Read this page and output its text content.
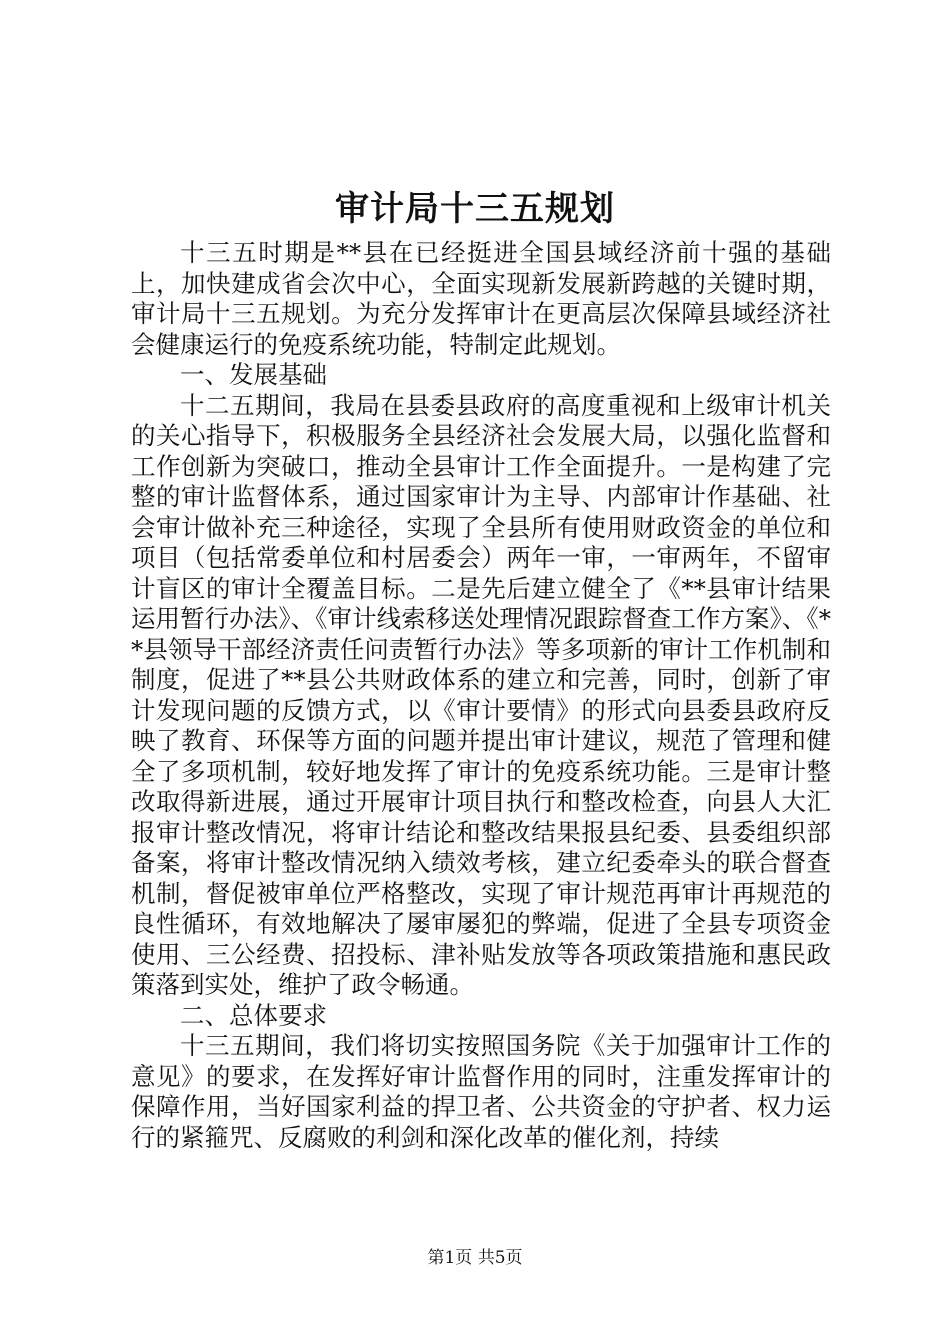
审计局十三五规划

十三五时期是**县在已经挺进全国县域经济前十强的基础上，加快建成省会次中心，全面实现新发展新跨越的关键时期，审计局十三五规划。为充分发挥审计在更高层次保障县域经济社会健康运行的免疫系统功能，特制定此规划。

一、发展基础

十二五期间，我局在县委县政府的高度重视和上级审计机关的关心指导下，积极服务全县经济社会发展大局，以强化监督和工作创新为突破口，推动全县审计工作全面提升。一是构建了完整的审计监督体系，通过国家审计为主导、内部审计作基础、社会审计做补充三种途径，实现了全县所有使用财政资金的单位和项目（包括常委单位和村居委会）两年一审，一审两年，不留审计盲区的审计全覆盖目标。二是先后建立健全了《**县审计结果运用暂行办法》、《审计线索移送处理情况跟踪督查工作方案》、《**县领导干部经济责任问责暂行办法》等多项新的审计工作机制和制度，促进了**县公共财政体系的建立和完善，同时，创新了审计发现问题的反馈方式，以《审计要情》的形式向县委县政府反映了教育、环保等方面的问题并提出审计建议，规范了管理和健全了多项机制，较好地发挥了审计的免疫系统功能。三是审计整改取得新进展，通过开展审计项目执行和整改检查，向县人大汇报审计整改情况，将审计结论和整改结果报县纪委、县委组织部备案，将审计整改情况纳入绩效考核，建立纪委牵头的联合督查机制，督促被审单位严格整改，实现了审计规范再审计再规范的良性循环，有效地解决了屡审屡犯的弊端，促进了全县专项资金使用、三公经费、招投标、津补贴发放等各项政策措施和惠民政策落到实处，维护了政令畅通。

二、总体要求

十三五期间，我们将切实按照国务院《关于加强审计工作的意见》的要求，在发挥好审计监督作用的同时，注重发挥审计的保障作用，当好国家利益的捍卫者、公共资金的守护者、权力运行的紧箍咒、反腐败的利剑和深化改革的催化剂，持续

第1页 共5页
